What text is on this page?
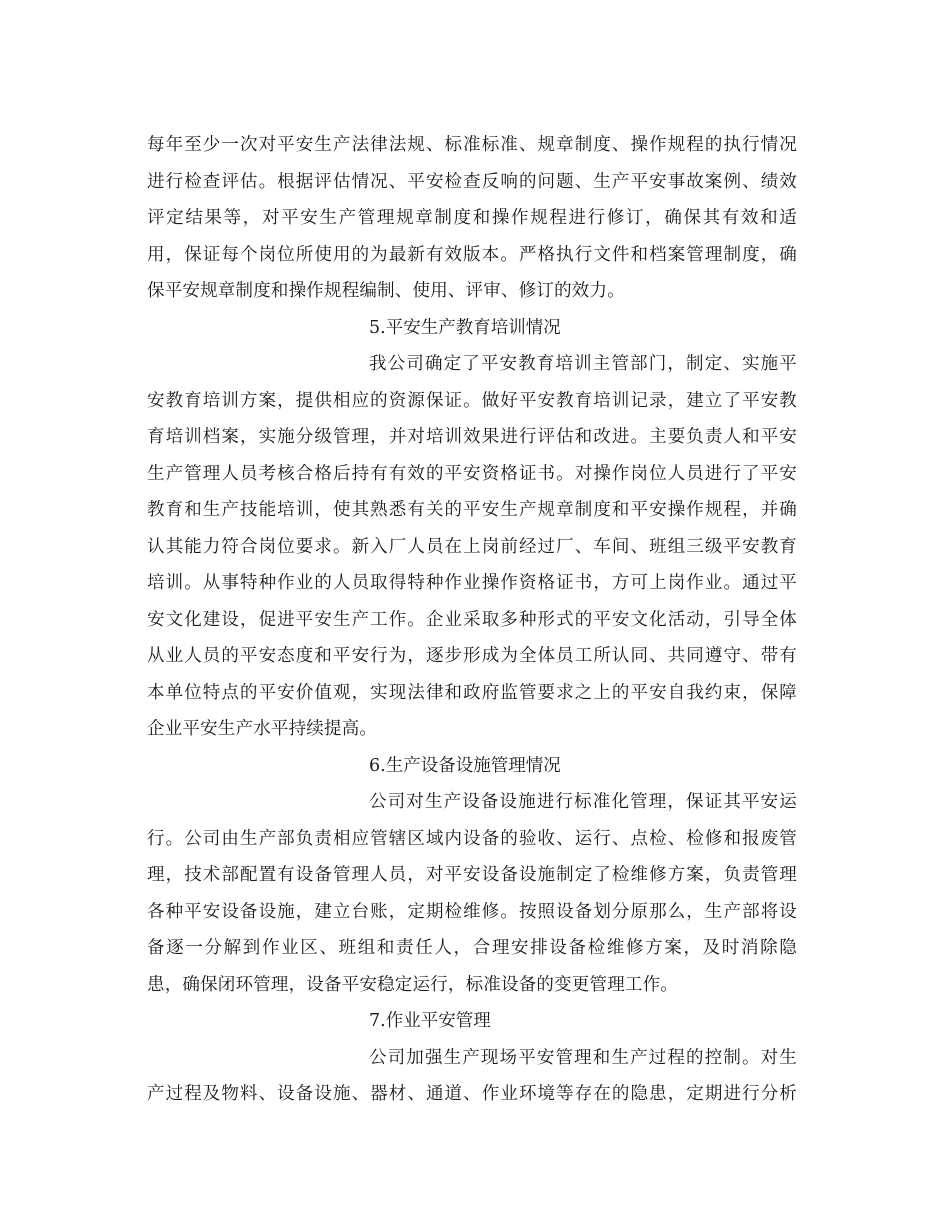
每年至少一次对平安生产法律法规、标准标准、规章制度、操作规程的执行情况
进行检查评估。根据评估情况、平安检查反响的问题、生产平安事故案例、绩效
评定结果等，对平安生产管理规章制度和操作规程进行修订，确保其有效和适
用，保证每个岗位所使用的为最新有效版本。严格执行文件和档案管理制度，确
保平安规章制度和操作规程编制、使用、评审、修订的效力。
5.平安生产教育培训情况
我公司确定了平安教育培训主管部门，制定、实施平
安教育培训方案，提供相应的资源保证。做好平安教育培训记录，建立了平安教
育培训档案，实施分级管理，并对培训效果进行评估和改进。主要负责人和平安
生产管理人员考核合格后持有有效的平安资格证书。对操作岗位人员进行了平安
教育和生产技能培训，使其熟悉有关的平安生产规章制度和平安操作规程，并确
认其能力符合岗位要求。新入厂人员在上岗前经过厂、车间、班组三级平安教育
培训。从事特种作业的人员取得特种作业操作资格证书，方可上岗作业。通过平
安文化建设，促进平安生产工作。企业采取多种形式的平安文化活动，引导全体
从业人员的平安态度和平安行为，逐步形成为全体员工所认同、共同遵守、带有
本单位特点的平安价值观，实现法律和政府监管要求之上的平安自我约束，保障
企业平安生产水平持续提高。
6.生产设备设施管理情况
公司对生产设备设施进行标准化管理，保证其平安运
行。公司由生产部负责相应管辖区域内设备的验收、运行、点检、检修和报废管
理，技术部配置有设备管理人员，对平安设备设施制定了检维修方案，负责管理
各种平安设备设施，建立台账，定期检维修。按照设备划分原那么，生产部将设
备逐一分解到作业区、班组和责任人，合理安排设备检维修方案，及时消除隐
患，确保闭环管理，设备平安稳定运行，标准设备的变更管理工作。
7.作业平安管理
公司加强生产现场平安管理和生产过程的控制。对生
产过程及物料、设备设施、器材、通道、作业环境等存在的隐患，定期进行分析
